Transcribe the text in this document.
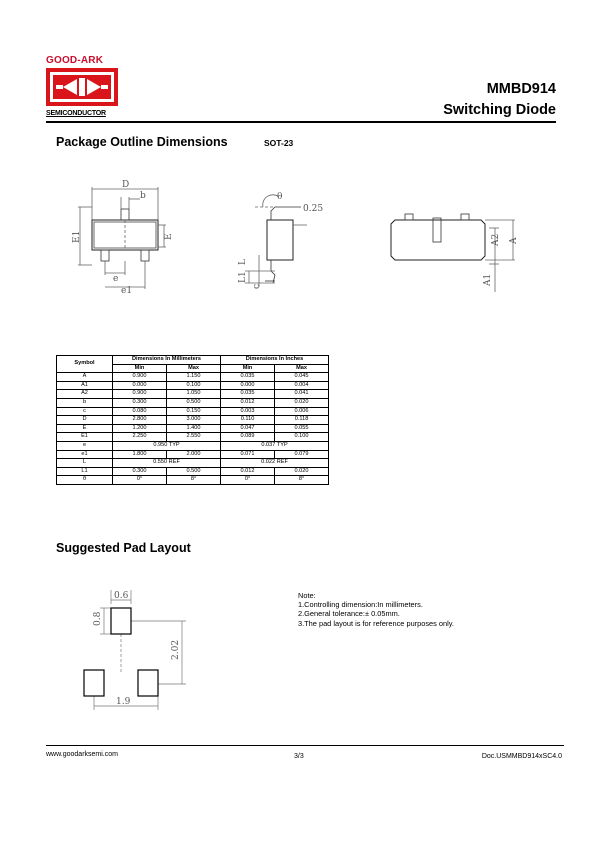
GOOD-ARK
SEMICONDUCTOR
MMBD914
Switching Diode
Package Outline Dimensions	SOT-23
D
b
E1	E
e
e1
θ
0.25
L1
c
L
A2 A
A1
Symbol	Dimensions In Millimeters		Dimensions In Inches	
	Min	Max	Min	Max
A	0.900	1.150	0.035	0.045
A1	0.000	0.100	0.000	0.004
A2	0.900	1.050	0.035	0.041
b	0.300	0.500	0.012	0.020
c	0.080	0.150	0.003	0.006
D	2.800	3.000	0.110	0.118
E	1.200	1.400	0.047	0.055
E1	2.250	2.550	0.089	0.100
e	0.950 TYP		0.037 TYP	
e1	1.800	2.000	0.071	0.079
L	0.550 REF		0.022 REF	
L1	0.300	0.500	0.012	0.020
θ	0°	8°	0°	8°
Suggested Pad Layout
0.6
0.8
2.02
1.9
Note:
1.Controlling dimension:In millimeters.
2.General tolerance:± 0.05mm.
3.The pad layout is for reference purposes only.
www.goodarksemi.com	3/3	Doc.USMMBD914xSC4.0
